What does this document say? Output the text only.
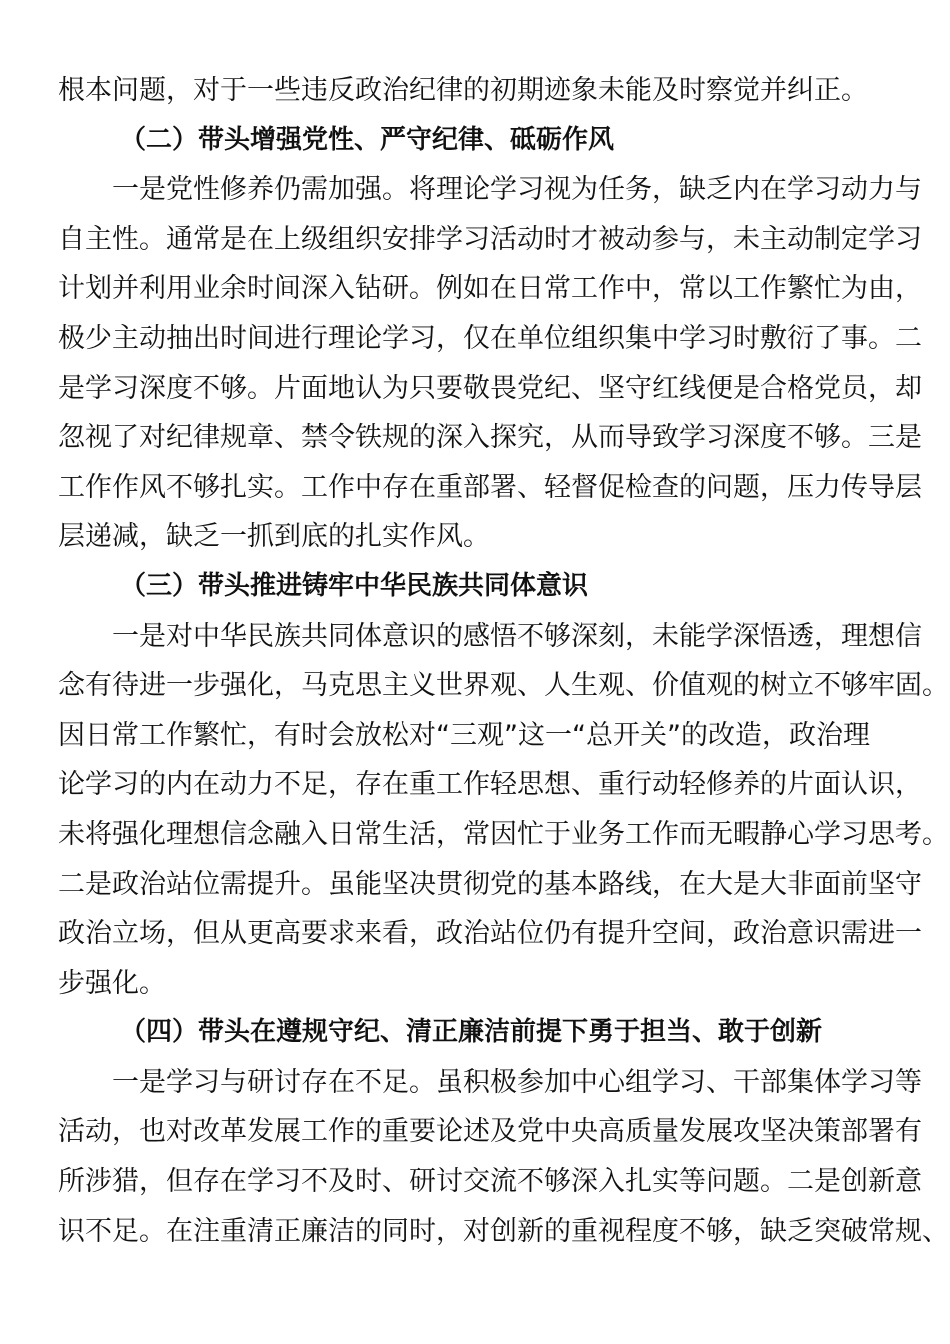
根本问题，对于一些违反政治纪律的初期迹象未能及时察觉并纠正。
（二）带头增强党性、严守纪律、砥砺作风
一是党性修养仍需加强。将理论学习视为任务，缺乏内在学习动力与
自主性。通常是在上级组织安排学习活动时才被动参与，未主动制定学习
计划并利用业余时间深入钻研。例如在日常工作中，常以工作繁忙为由，
极少主动抽出时间进行理论学习，仅在单位组织集中学习时敷衍了事。二
是学习深度不够。片面地认为只要敬畏党纪、坚守红线便是合格党员，却
忽视了对纪律规章、禁令铁规的深入探究，从而导致学习深度不够。三是
工作作风不够扎实。工作中存在重部署、轻督促检查的问题，压力传导层
层递减，缺乏一抓到底的扎实作风。
（三）带头推进铸牢中华民族共同体意识
一是对中华民族共同体意识的感悟不够深刻，未能学深悟透，理想信
念有待进一步强化，马克思主义世界观、人生观、价值观的树立不够牢固。
因日常工作繁忙，有时会放松对“三观”这一“总开关”的改造，政治理
论学习的内在动力不足，存在重工作轻思想、重行动轻修养的片面认识，
未将强化理想信念融入日常生活，常因忙于业务工作而无暇静心学习思考。
二是政治站位需提升。虽能坚决贯彻党的基本路线，在大是大非面前坚守
政治立场，但从更高要求来看，政治站位仍有提升空间，政治意识需进一
步强化。
（四）带头在遵规守纪、清正廉洁前提下勇于担当、敢于创新
一是学习与研讨存在不足。虽积极参加中心组学习、干部集体学习等
活动，也对改革发展工作的重要论述及党中央高质量发展攻坚决策部署有
所涉猎，但存在学习不及时、研讨交流不够深入扎实等问题。二是创新意
识不足。在注重清正廉洁的同时，对创新的重视程度不够，缺乏突破常规、
